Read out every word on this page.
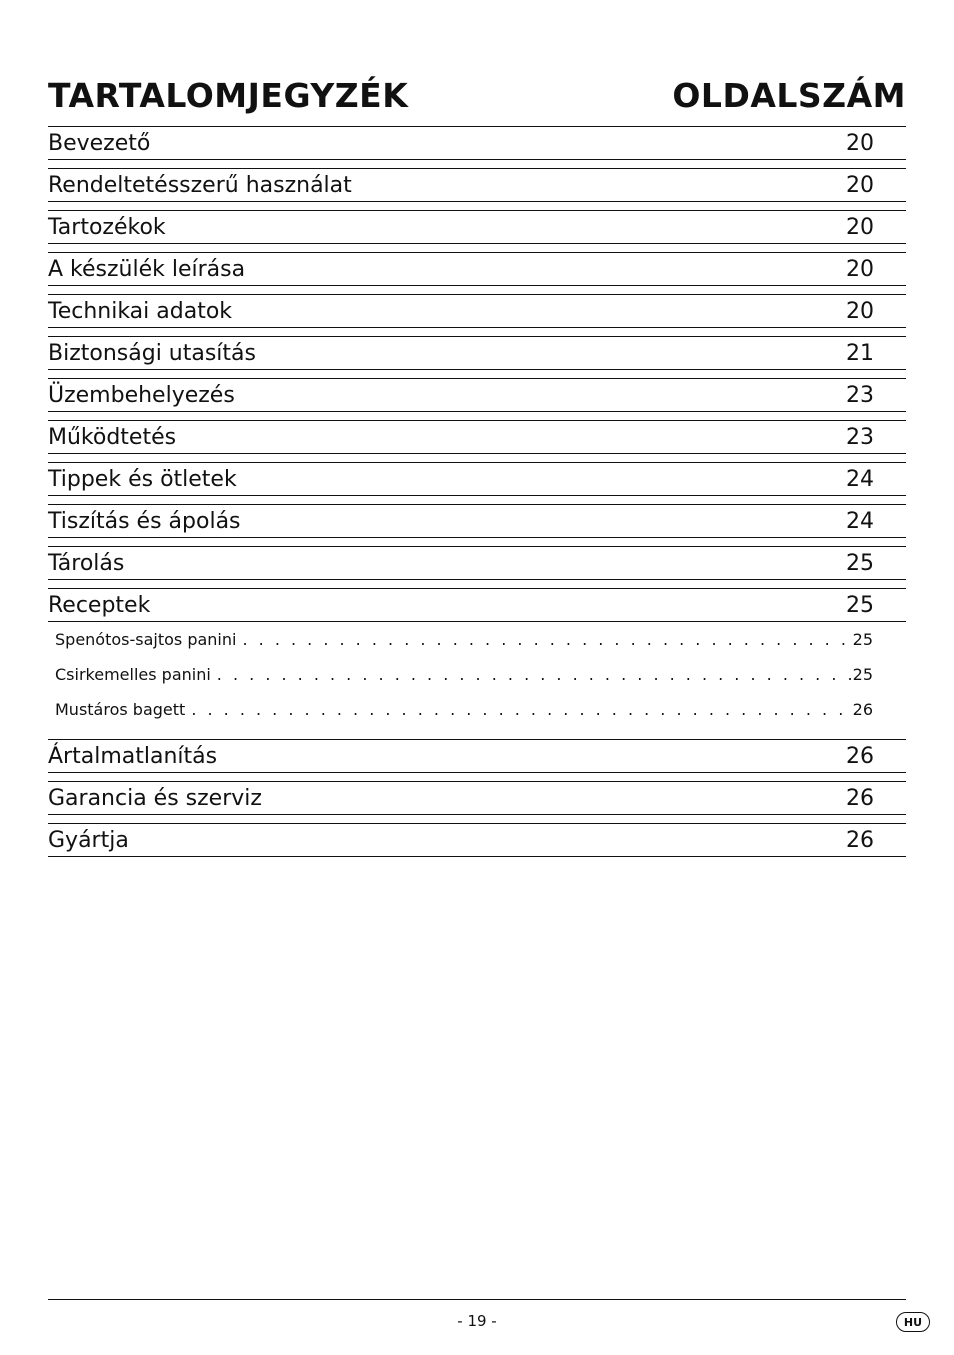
TARTALOMJEGYZÉK	OLDALSZÁM
Bevezető	20
Rendeltetésszerű használat	20
Tartozékok	20
A készülék leírása	20
Technikai adatok	20
Biztonsági utasítás	21
Üzembehelyezés	23
Működtetés	23
Tippek és ötletek	24
Tiszítás és ápolás	24
Tárolás	25
Receptek	25
Spenótos-sajtos panini . . .	25
Csirkemelles panini . . .	25
Mustáros bagett . . .	26
Ártalmatlanítás	26
Garancia és szerviz	26
Gyártja	26
- 19 -	HU
